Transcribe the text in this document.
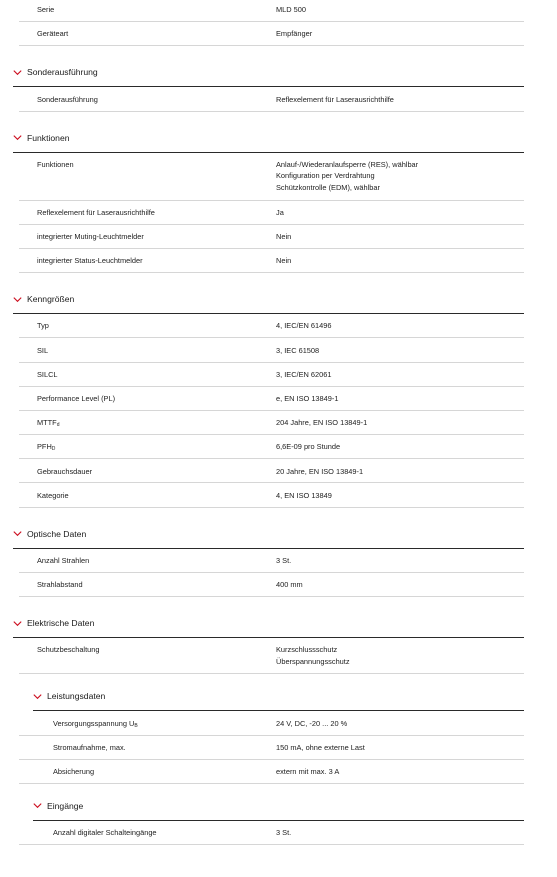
Serie	MLD 500
Geräteart	Empfänger
Sonderausführung
Sonderausführung	Reflexelement für Laserausrichthilfe
Funktionen
Funktionen	Anlauf-/Wiederanlaufsperre (RES), wählbar
Konfiguration per Verdrahtung
Schützkontrolle (EDM), wählbar
Reflexelement für Laserausrichthilfe	Ja
integrierter Muting-Leuchtmelder	Nein
integrierter Status-Leuchtmelder	Nein
Kenngrößen
Typ	4, IEC/EN 61496
SIL	3, IEC 61508
SILCL	3, IEC/EN 62061
Performance Level (PL)	e, EN ISO 13849-1
$MTTF_d$	204 Jahre, EN ISO 13849-1
$PFH_D$	6,6E-09 pro Stunde
Gebrauchsdauer	20 Jahre, EN ISO 13849-1
Kategorie	4, EN ISO 13849
Optische Daten
Anzahl Strahlen	3 St.
Strahlabstand	400 mm
Elektrische Daten
Schutzbeschaltung	Kurzschlussschutz
Überspannungsschutz
Leistungsdaten
Versorgungsspannung $U_B$	24 V, DC, -20 ... 20 %
Stromaufnahme, max.	150 mA, ohne externe Last
Absicherung	extern mit max. 3 A
Eingänge
Anzahl digitaler Schalteingänge	3 St.
